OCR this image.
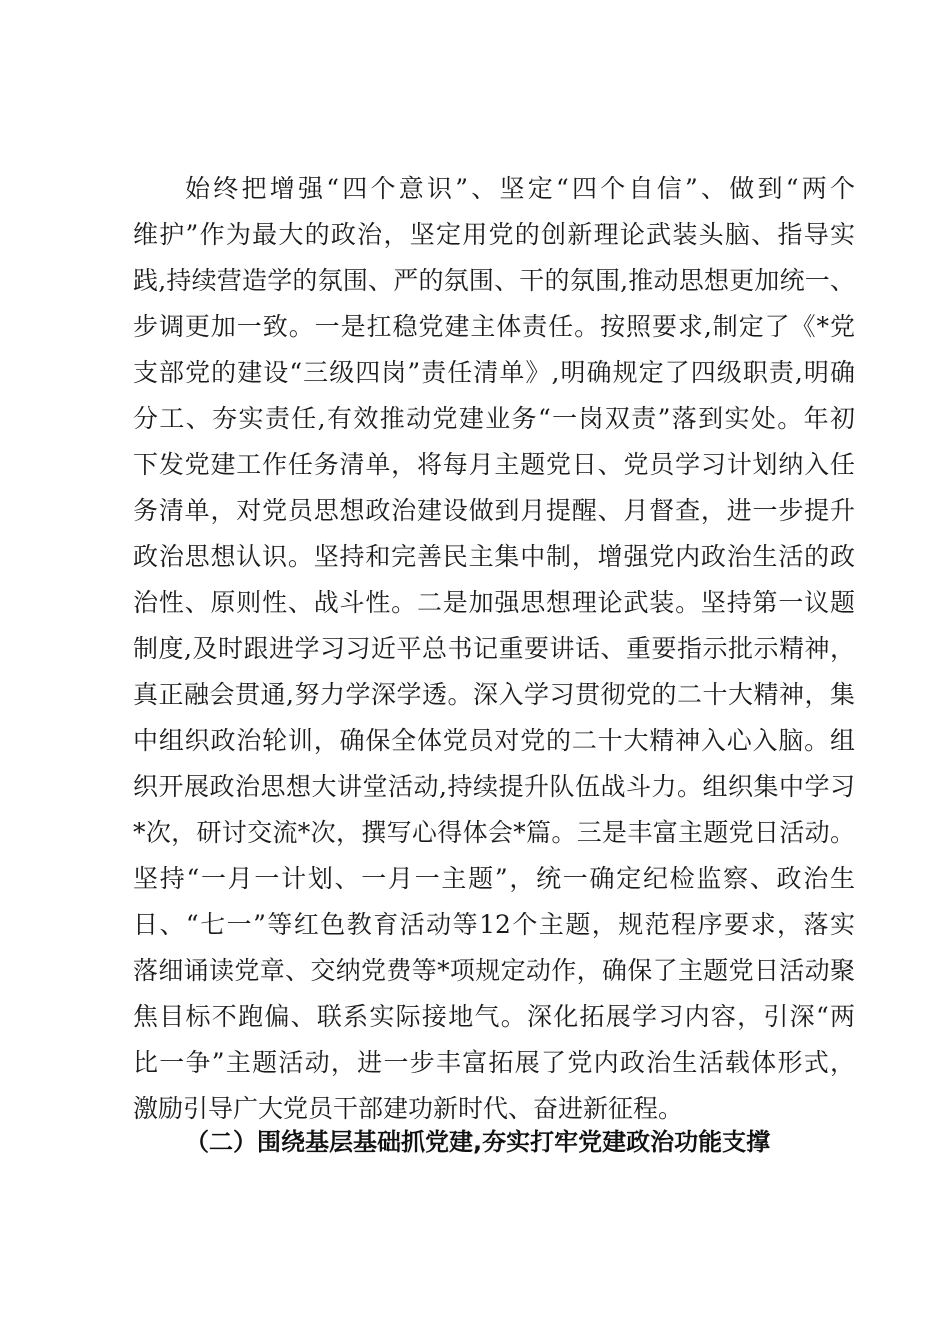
始终把增强“四个意识”、坚定“四个自信”、做到“两个
维护”作为最大的政治，坚定用党的创新理论武装头脑、指导实
践,持续营造学的氛围、严的氛围、干的氛围,推动思想更加统一、
步调更加一致。一是扛稳党建主体责任。按照要求,制定了《*党
支部党的建设“三级四岗”责任清单》,明确规定了四级职责,明确
分工、夯实责任,有效推动党建业务“一岗双责”落到实处。年初
下发党建工作任务清单，将每月主题党日、党员学习计划纳入任
务清单，对党员思想政治建设做到月提醒、月督查，进一步提升
政治思想认识。坚持和完善民主集中制，增强党内政治生活的政
治性、原则性、战斗性。二是加强思想理论武装。坚持第一议题
制度,及时跟进学习习近平总书记重要讲话、重要指示批示精神，
真正融会贯通,努力学深学透。深入学习贯彻党的二十大精神，集
中组织政治轮训，确保全体党员对党的二十大精神入心入脑。组
织开展政治思想大讲堂活动,持续提升队伍战斗力。组织集中学习
*次，研讨交流*次，撰写心得体会*篇。三是丰富主题党日活动。
坚持“一月一计划、一月一主题”，统一确定纪检监察、政治生
日、“七一”等红色教育活动等12个主题，规范程序要求，落实
落细诵读党章、交纳党费等*项规定动作，确保了主题党日活动聚
焦目标不跑偏、联系实际接地气。深化拓展学习内容，引深“两
比一争”主题活动，进一步丰富拓展了党内政治生活载体形式，
激励引导广大党员干部建功新时代、奋进新征程。
（二）围绕基层基础抓党建,夯实打牢党建政治功能支撑
